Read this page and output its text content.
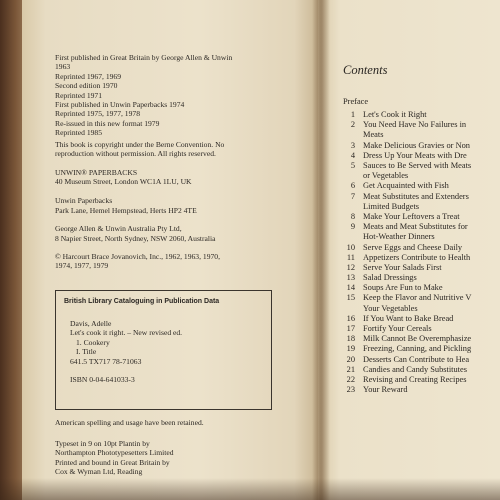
First published in Great Britain by George Allen & Unwin
1963
Reprinted 1967, 1969
Second edition 1970
Reprinted 1971
First published in Unwin Paperbacks 1974
Reprinted 1975, 1977, 1978
Re-issued in this new format 1979
Reprinted 1985
This book is copyright under the Berne Convention. No
reproduction without permission. All rights reserved.
UNWIN® PAPERBACKS
40 Museum Street, London WC1A 1LU, UK

Unwin Paperbacks
Park Lane, Hemel Hempstead, Herts HP2 4TE

George Allen & Unwin Australia Pty Ltd,
8 Napier Street, North Sydney, NSW 2060, Australia
© Harcourt Brace Jovanovich, Inc., 1962, 1963, 1970,
1974, 1977, 1979
British Library Cataloguing in Publication Data
Davis, Adelle
Let's cook it right. – New revised ed.
1. Cookery
I. Title
641.5 TX717 78-71063

ISBN 0-04-641033-3
American spelling and usage have been retained.
Typeset in 9 on 10pt Plantin by
Northampton Phototypesetters Limited
Printed and bound in Great Britain by
Cox & Wyman Ltd, Reading
Contents
Preface
1 Let's Cook it Right
2 You Need Have No Failures in
Meats
3 Make Delicious Gravies or Non
4 Dress Up Your Meats with Dre
5 Sauces to Be Served with Meats
or Vegetables
6 Get Acquainted with Fish
7 Meat Substitutes and Extenders
Limited Budgets
8 Make Your Leftovers a Treat
9 Meats and Meat Substitutes for
Hot-Weather Dinners
10 Serve Eggs and Cheese Daily
11 Appetizers Contribute to Health
12 Serve Your Salads First
13 Salad Dressings
14 Soups Are Fun to Make
15 Keep the Flavor and Nutritive V
Your Vegetables
16 If You Want to Bake Bread
17 Fortify Your Cereals
18 Milk Cannot Be Overemphasize
19 Freezing, Canning, and Pickling
20 Desserts Can Contribute to Hea
21 Candies and Candy Substitutes
22 Revising and Creating Recipes
23 Your Reward
